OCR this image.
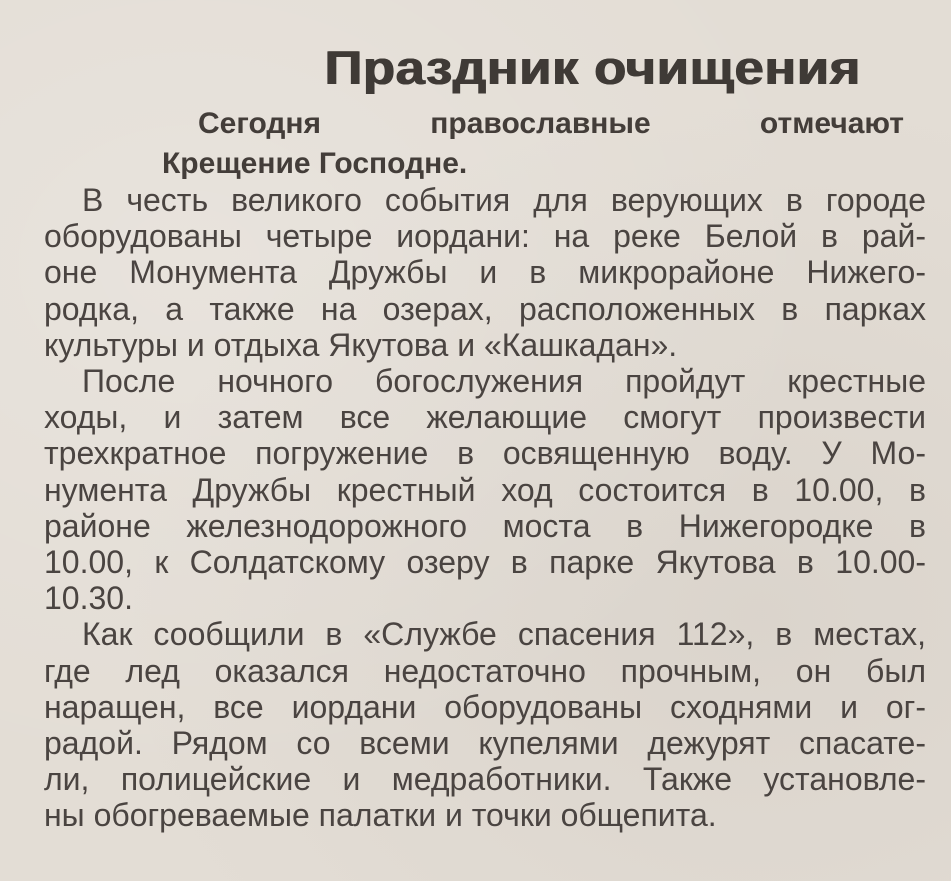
Праздник очищения

Сегодня православные отмечают
Крещение Господне.

В честь великого события для верующих в городе
оборудованы четыре иордани: на реке Белой в рай-
оне Монумента Дружбы и в микрорайоне Нижего-
родка, а также на озерах, расположенных в парках
культуры и отдыха Якутова и «Кашкадан».

После ночного богослужения пройдут крестные
ходы, и затем все желающие смогут произвести
трехкратное погружение в освященную воду. У Мо-
нумента Дружбы крестный ход состоится в 10.00, в
районе железнодорожного моста в Нижегородке в
10.00, к Солдатскому озеру в парке Якутова в 10.00-
10.30.

Как сообщили в «Службе спасения 112», в местах,
где лед оказался недостаточно прочным, он был
наращен, все иордани оборудованы сходнями и ог-
радой. Рядом со всеми купелями дежурят спасате-
ли, полицейские и медработники. Также установле-
ны обогреваемые палатки и точки общепита.
